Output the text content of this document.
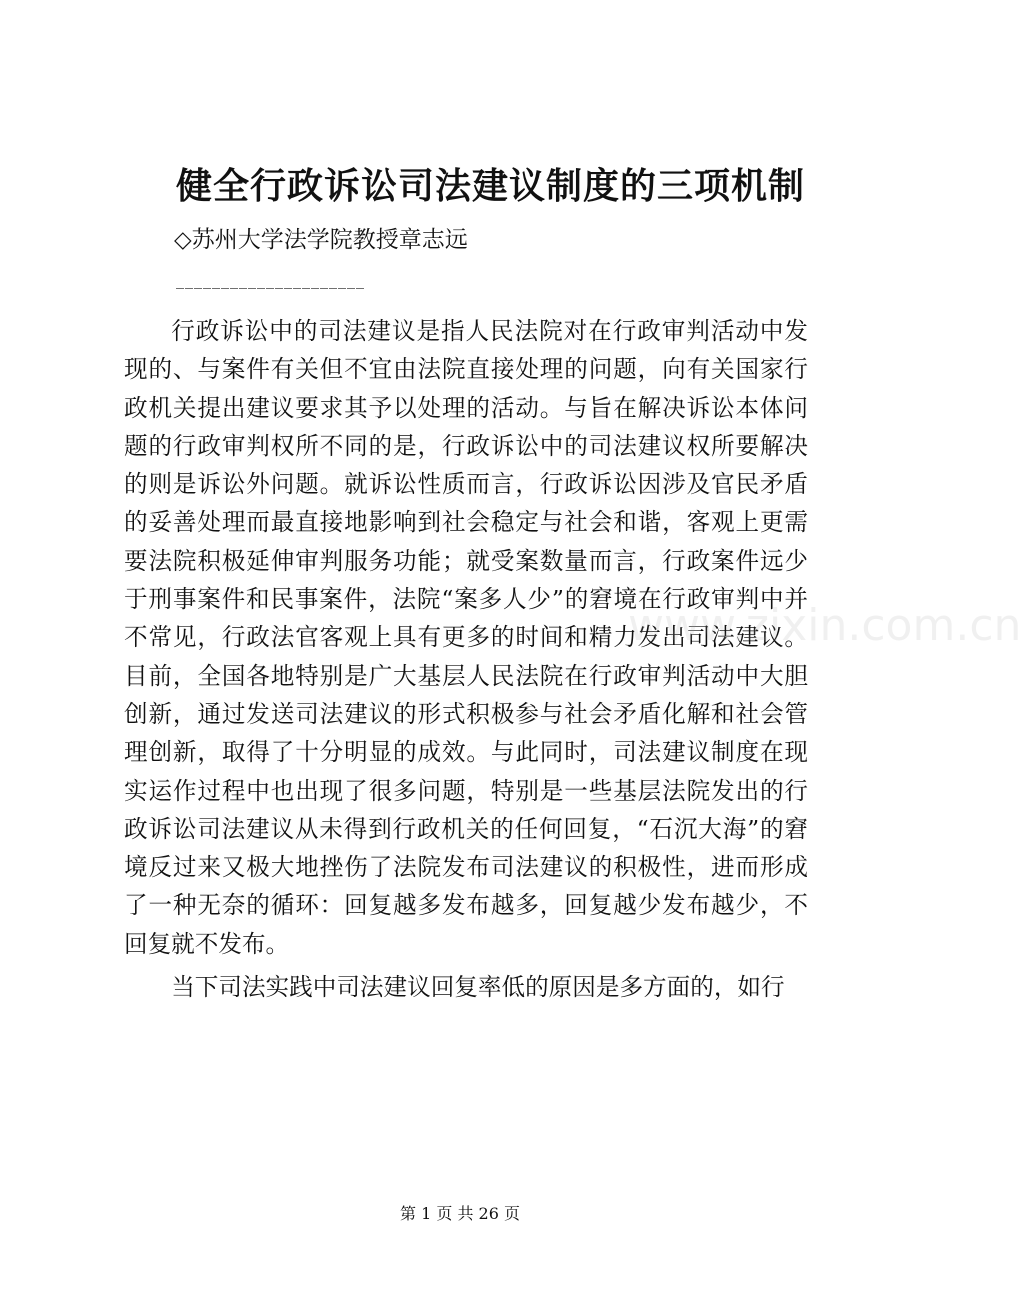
健全行政诉讼司法建议制度的三项机制
◇苏州大学法学院教授章志远
_____________________

行政诉讼中的司法建议是指人民法院对在行政审判活动中发现的、与案件有关但不宜由法院直接处理的问题，向有关国家行政机关提出建议要求其予以处理的活动。与旨在解决诉讼本体问题的行政审判权所不同的是，行政诉讼中的司法建议权所要解决的则是诉讼外问题。就诉讼性质而言，行政诉讼因涉及官民矛盾的妥善处理而最直接地影响到社会稳定与社会和谐，客观上更需要法院积极延伸审判服务功能；就受案数量而言，行政案件远少于刑事案件和民事案件，法院“案多人少”的窘境在行政审判中并不常见，行政法官客观上具有更多的时间和精力发出司法建议。目前，全国各地特别是广大基层人民法院在行政审判活动中大胆创新，通过发送司法建议的形式积极参与社会矛盾化解和社会管理创新，取得了十分明显的成效。与此同时，司法建议制度在现实运作过程中也出现了很多问题，特别是一些基层法院发出的行政诉讼司法建议从未得到行政机关的任何回复，“石沉大海”的窘境反过来又极大地挫伤了法院发布司法建议的积极性，进而形成了一种无奈的循环：回复越多发布越多，回复越少发布越少，不回复就不发布。

当下司法实践中司法建议回复率低的原因是多方面的，如行

www.zixin.com.cn
第 1 页 共 26 页
